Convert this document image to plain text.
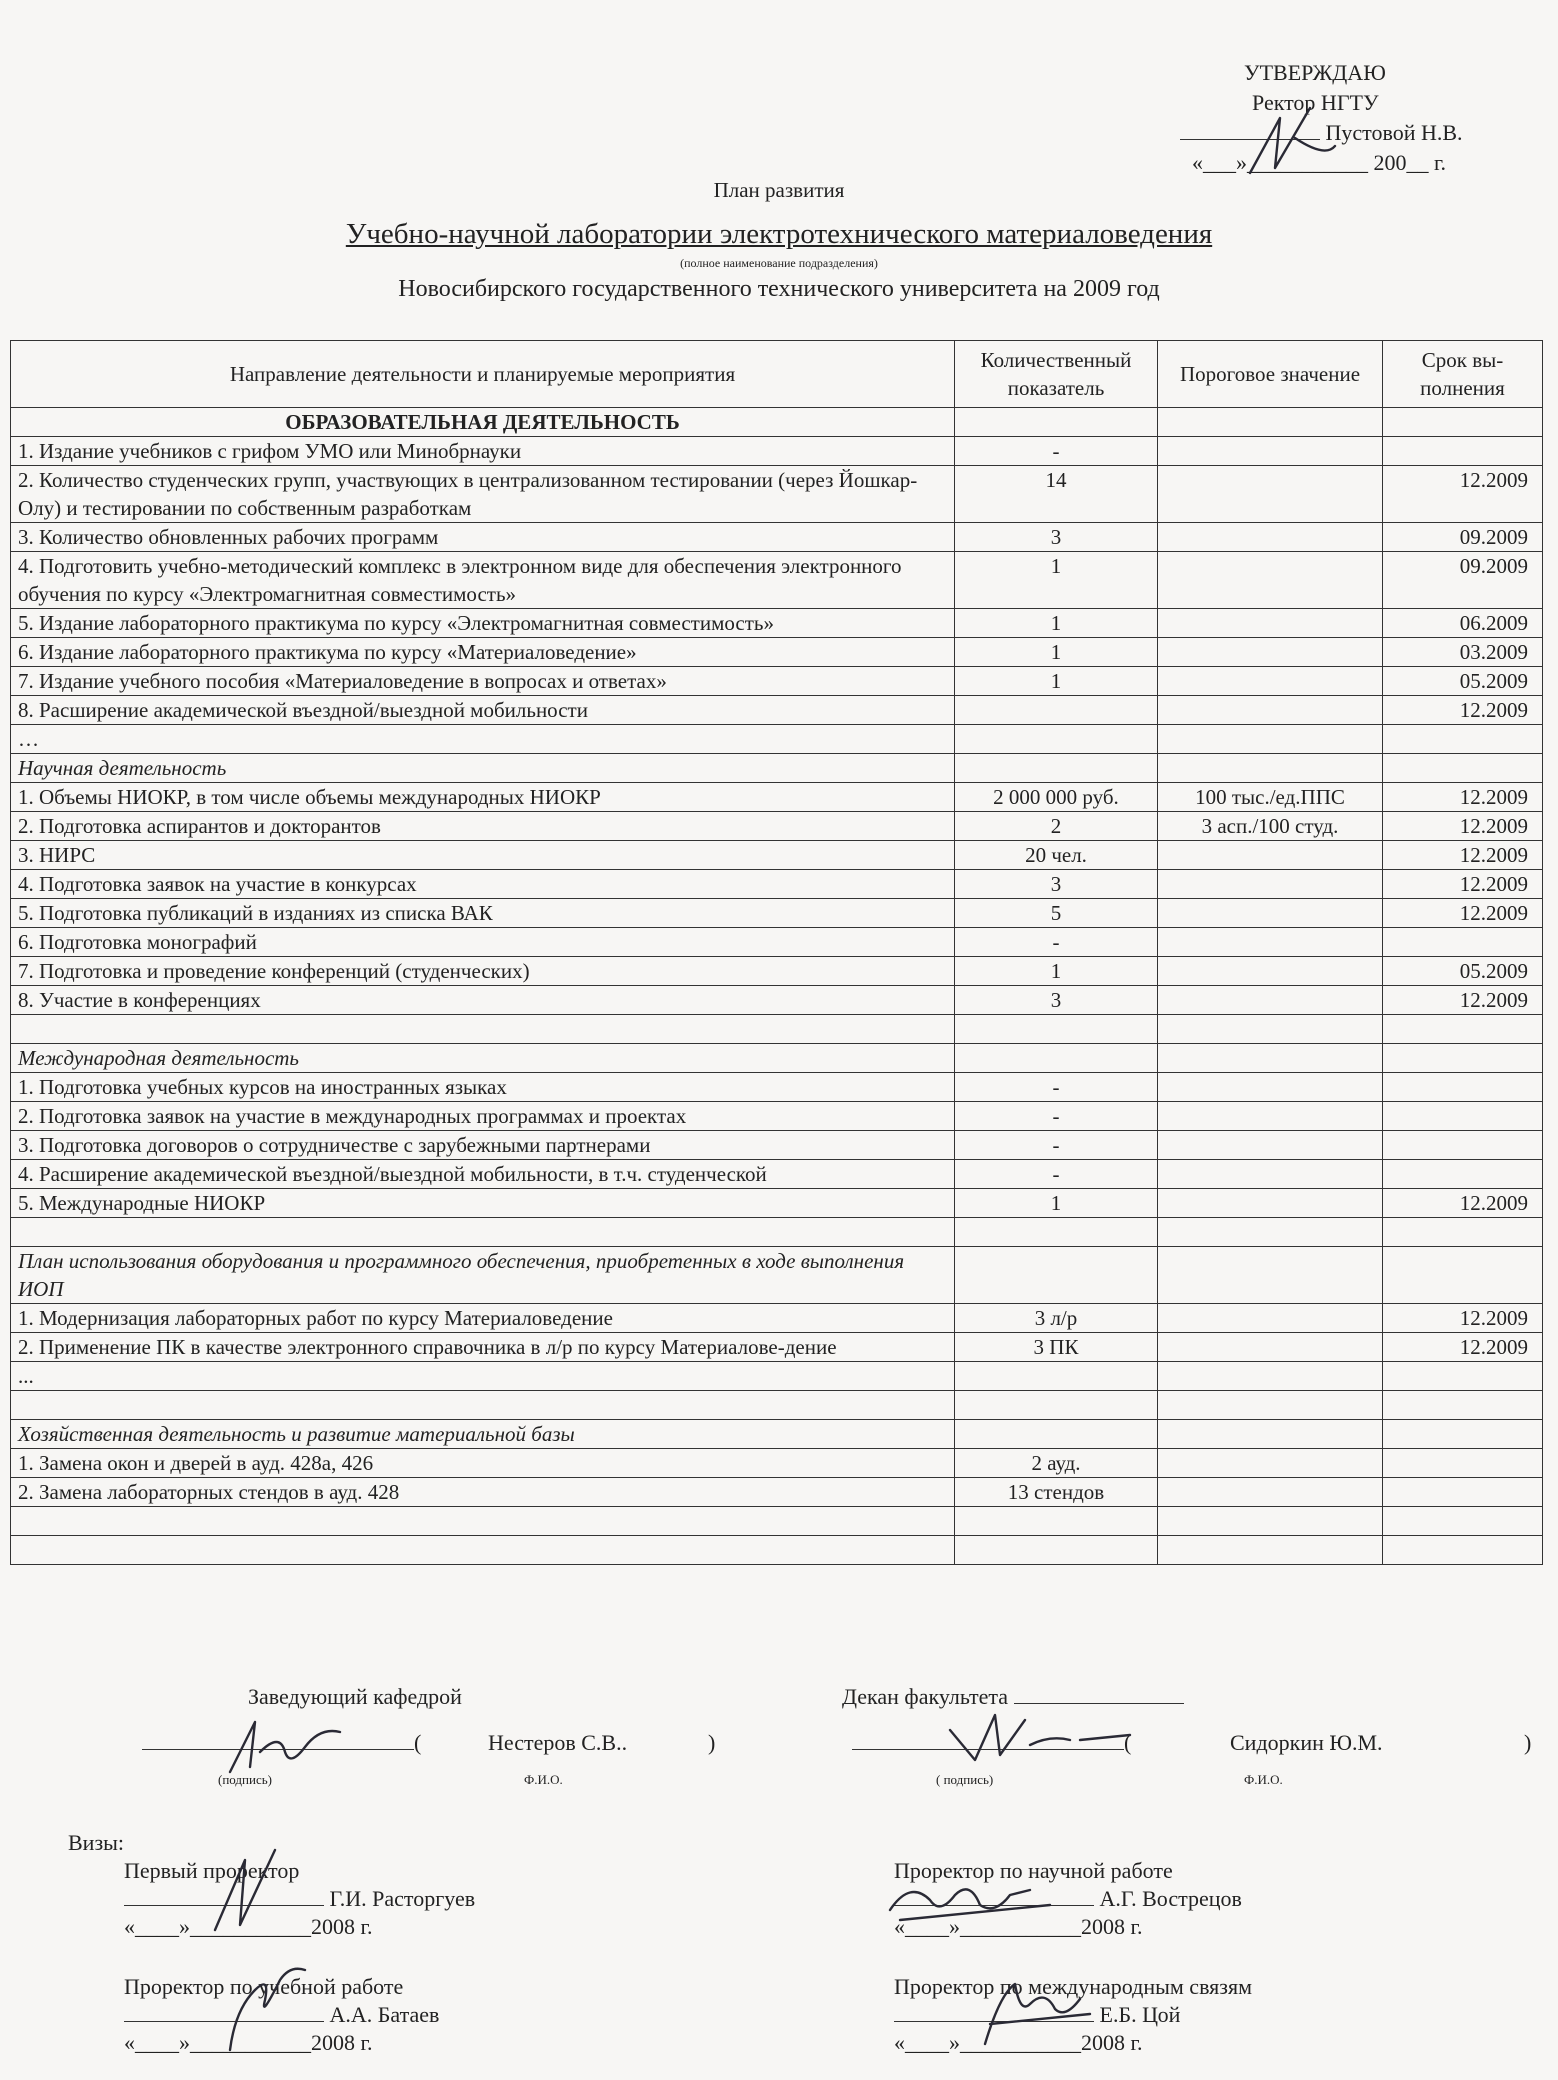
УТВЕРЖДАЮ
Ректор НГТУ
Пустовой Н.В.
«___»___________ 200__ г.
План развития
Учебно-научной лаборатории электротехнического материаловедения
(полное наименование подразделения)
Новосибирского государственного технического университета на 2009 год
Направление деятельности и планируемые мероприятия	Количественный показатель	Пороговое значение	Срок вы-полнения
ОБРАЗОВАТЕЛЬНАЯ ДЕЯТЕЛЬНОСТЬ			
1. Издание учебников с грифом УМО или Минобрнауки	-		
2. Количество студенческих групп, участвующих в централизованном тестировании (через Йошкар-Олу) и тестировании по собственным разработкам	14		12.2009
3. Количество обновленных рабочих программ	3		09.2009
4. Подготовить учебно-методический комплекс в электронном виде для обеспечения электронного обучения по курсу «Электромагнитная совместимость»	1		09.2009
5. Издание лабораторного практикума по курсу «Электромагнитная совместимость»	1		06.2009
6. Издание лабораторного практикума по курсу «Материаловедение»	1		03.2009
7. Издание учебного пособия «Материаловедение в вопросах и ответах»	1		05.2009
8. Расширение академической въездной/выездной мобильности			12.2009
…			
Научная деятельность			
1. Объемы НИОКР, в том числе объемы международных НИОКР	2 000 000 руб.	100 тыс./ед.ППС	12.2009
2. Подготовка аспирантов и докторантов	2	3 асп./100 студ.	12.2009
3. НИРС	20 чел.		12.2009
4. Подготовка заявок на участие в конкурсах	3		12.2009
5. Подготовка публикаций в изданиях из списка ВАК	5		12.2009
6. Подготовка монографий	-		
7. Подготовка и проведение конференций (студенческих)	1		05.2009
8. Участие в конференциях	3		12.2009

Международная деятельность			
1. Подготовка учебных курсов на иностранных языках	-		
2. Подготовка заявок на участие в международных программах и проектах	-		
3. Подготовка договоров о сотрудничестве с зарубежными партнерами	-		
4. Расширение академической въездной/выездной мобильности, в т.ч. студенческой	-		
5. Международные НИОКР	1		12.2009

План использования оборудования и программного обеспечения, приобретенных в ходе выполнения ИОП			
1. Модернизация лабораторных работ по курсу Материаловедение	3 л/р		12.2009
2. Применение ПК в качестве электронного справочника в л/р по курсу Материалове-дение	3 ПК		12.2009
...			

Хозяйственная деятельность и развитие материальной базы			
1. Замена окон и дверей в ауд. 428а, 426	2 ауд.		
2. Замена лабораторных стендов в ауд. 428	13 стендов		

Заведующий кафедрой
(	Нестеров С.В..	)
(подпись)	Ф.И.О.
Декан факультета
(	Сидоркин Ю.М.	)
( подпись)	Ф.И.О.
Визы:
Первый проректор
Г.И. Расторгуев
«____»___________2008 г.
Проректор по научной работе
А.Г. Вострецов
«____»___________2008 г.
Проректор по учебной работе
А.А. Батаев
«____»___________2008 г.
Проректор по международным связям
Е.Б. Цой
«____»___________2008 г.
